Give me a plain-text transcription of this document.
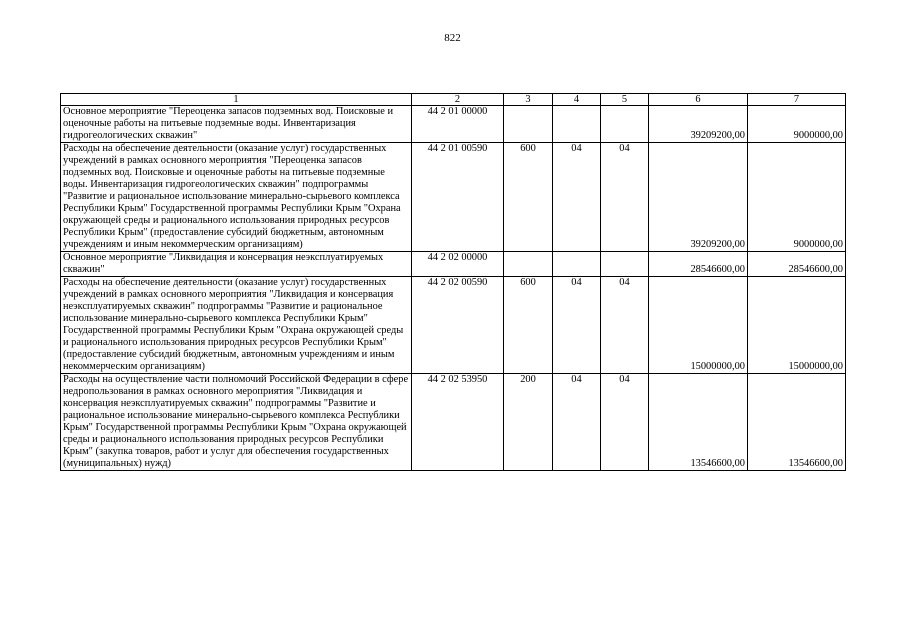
822
1	2	3	4	5	6	7
Основное мероприятие "Переоценка запасов подземных вод. Поисковые и оценочные работы на питьевые подземные воды. Инвентаризация гидрогеологических скважин"	44 2 01 00000				39209200,00	9000000,00
Расходы на обеспечение деятельности (оказание услуг) государственных учреждений в рамках основного мероприятия "Переоценка запасов подземных вод. Поисковые и оценочные работы на питьевые подземные воды. Инвентаризация гидрогеологических скважин" подпрограммы "Развитие и рациональное использование минерально-сырьевого комплекса Республики Крым" Государственной программы Республики Крым "Охрана окружающей среды и рационального использования природных ресурсов Республики Крым" (предоставление субсидий бюджетным, автономным учреждениям и иным некоммерческим организациям)	44 2 01 00590	600	04	04	39209200,00	9000000,00
Основное мероприятие "Ликвидация и консервация неэксплуатируемых скважин"	44 2 02 00000				28546600,00	28546600,00
Расходы на обеспечение деятельности (оказание услуг) государственных учреждений в рамках основного мероприятия "Ликвидация и консервация неэксплуатируемых скважин" подпрограммы "Развитие и рациональное использование минерально-сырьевого комплекса Республики Крым" Государственной программы Республики Крым "Охрана окружающей среды и рационального использования природных ресурсов Республики Крым" (предоставление субсидий бюджетным, автономным учреждениям и иным некоммерческим организациям)	44 2 02 00590	600	04	04	15000000,00	15000000,00
Расходы на осуществление части полномочий Российской Федерации в сфере недропользования в рамках основного мероприятия "Ликвидация и консервация неэксплуатируемых скважин" подпрограммы "Развитие и рациональное использование минерально-сырьевого комплекса Республики Крым" Государственной программы Республики Крым "Охрана окружающей среды и рационального использования природных ресурсов Республики Крым" (закупка товаров, работ и услуг для обеспечения государственных (муниципальных) нужд)	44 2 02 53950	200	04	04	13546600,00	13546600,00
